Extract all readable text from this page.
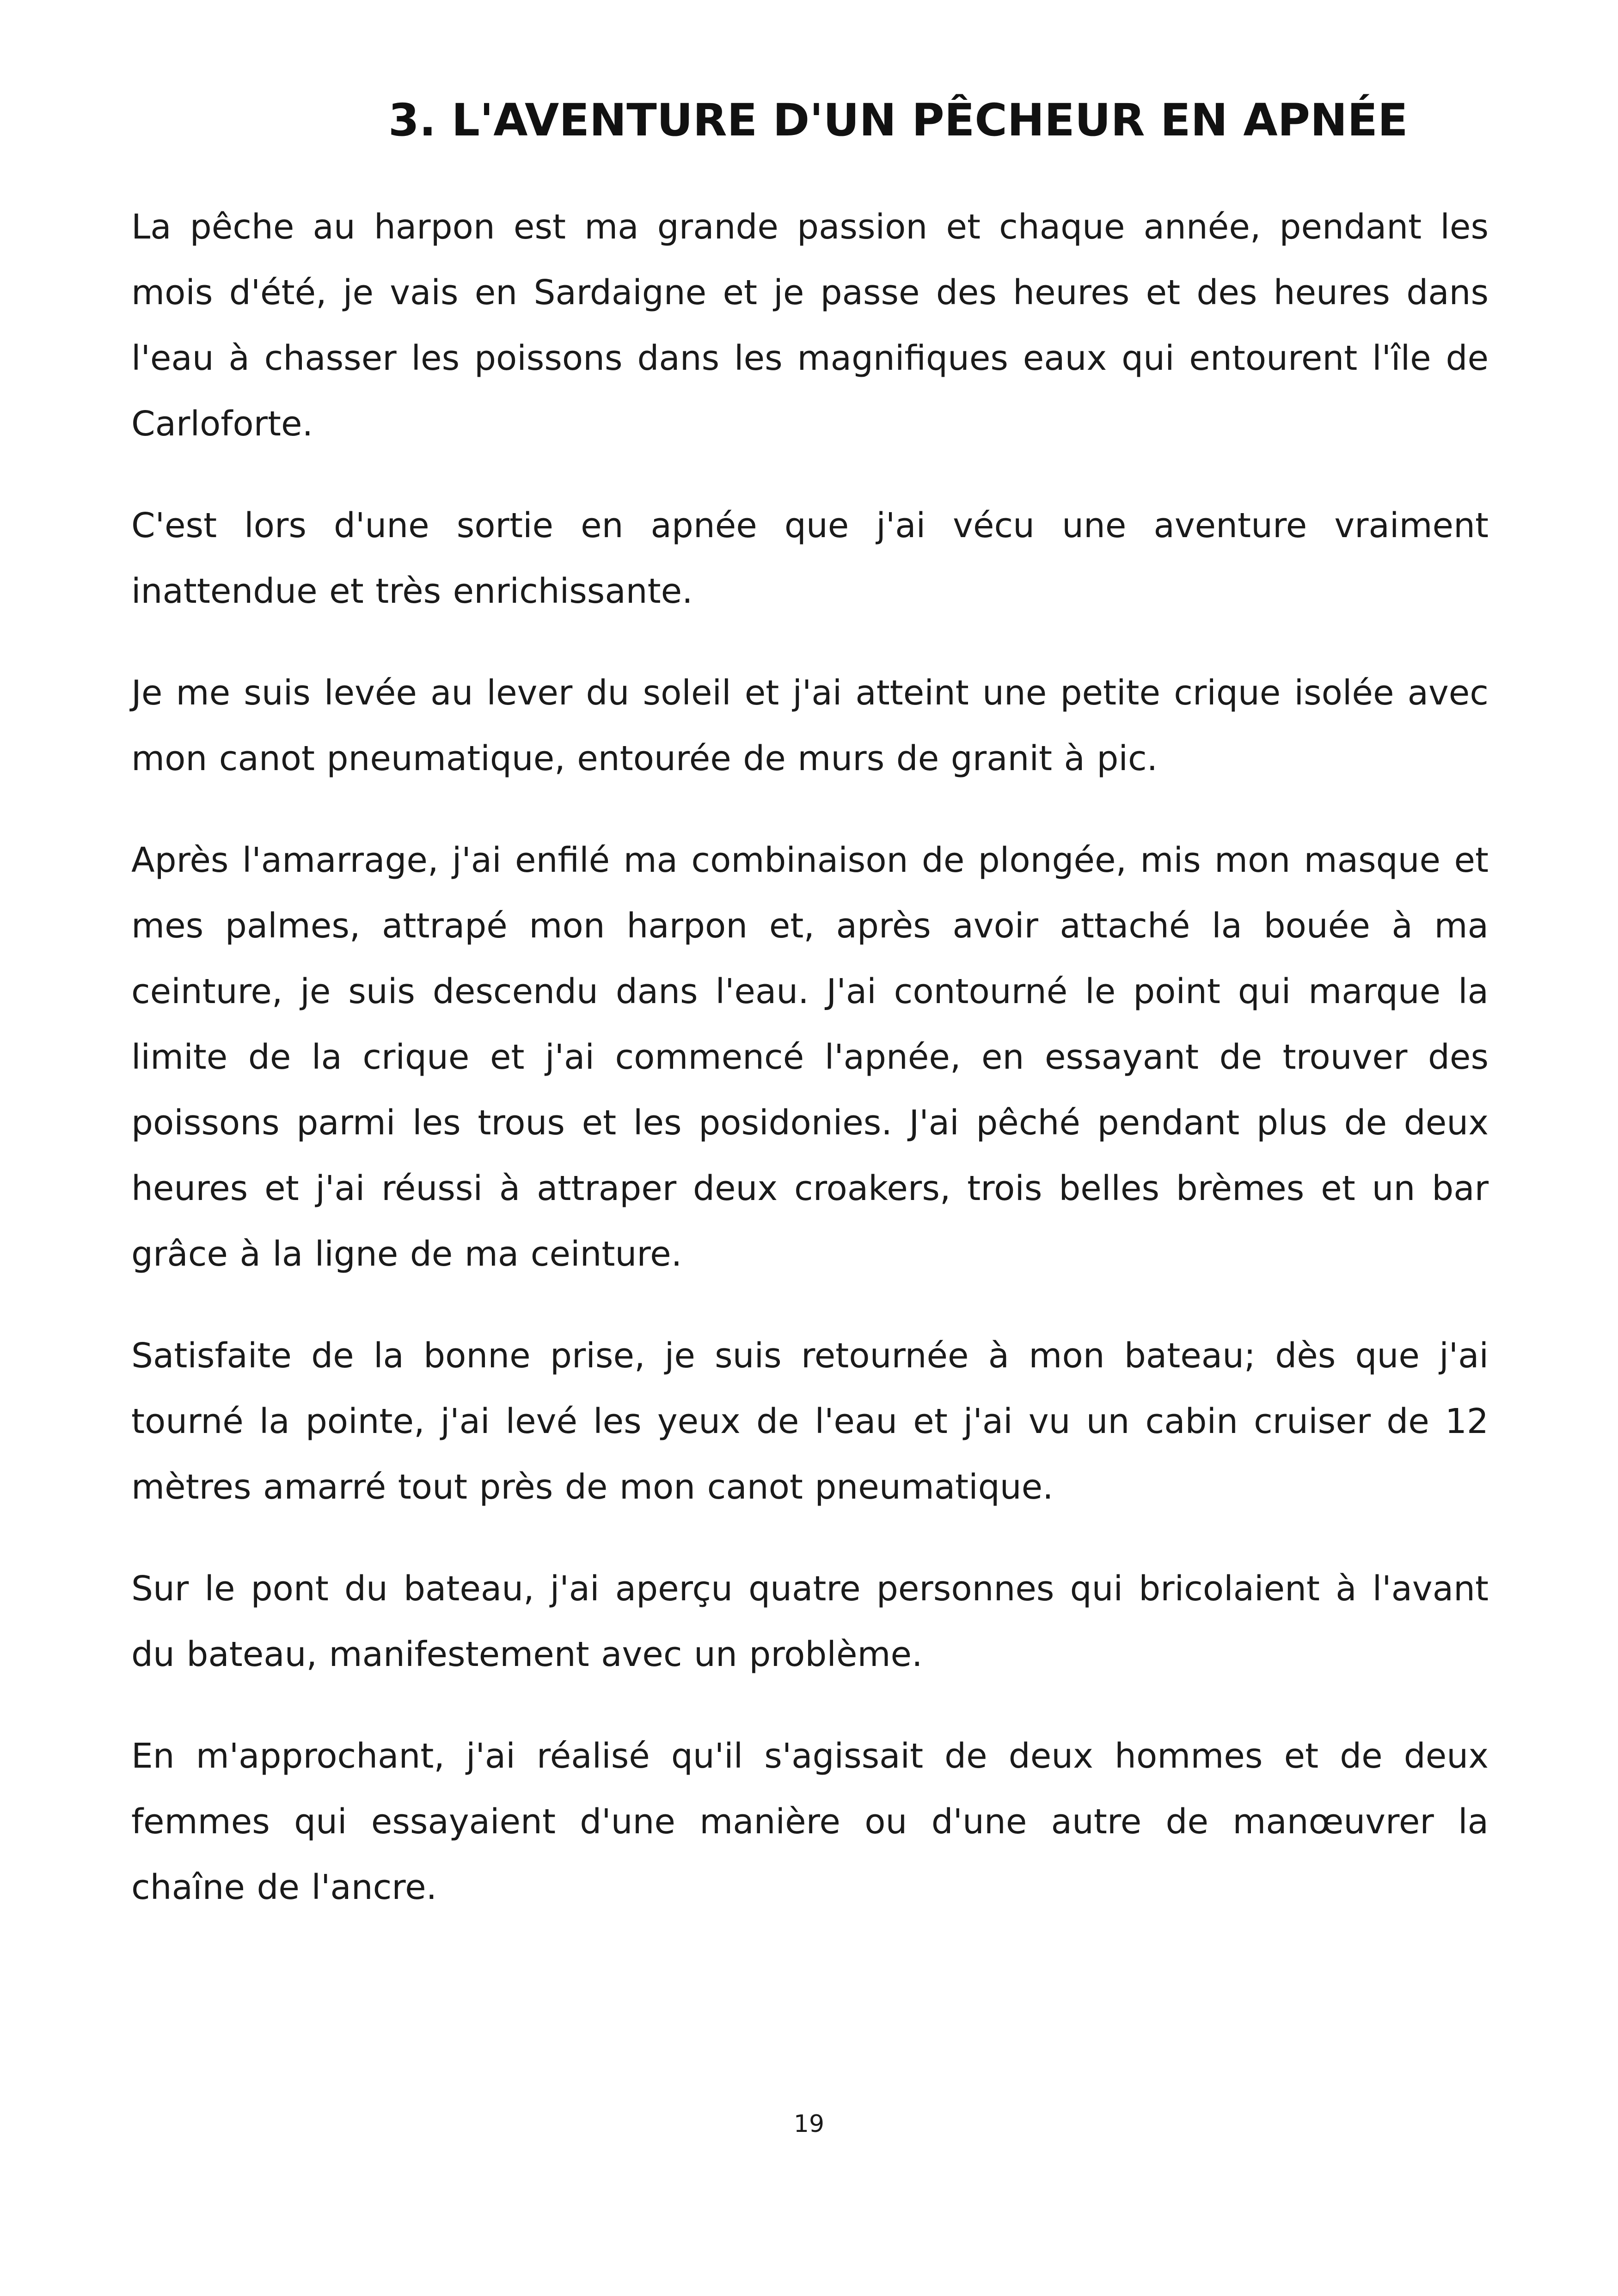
3. L'AVENTURE D'UN PÊCHEUR EN APNÉE

La pêche au harpon est ma grande passion et chaque année, pendant les mois d'été, je vais en Sardaigne et je passe des heures et des heures dans l'eau à chasser les poissons dans les magnifiques eaux qui entourent l'île de Carloforte.

C'est lors d'une sortie en apnée que j'ai vécu une aventure vraiment inattendue et très enrichissante.

Je me suis levée au lever du soleil et j'ai atteint une petite crique isolée avec mon canot pneumatique, entourée de murs de granit à pic.

Après l'amarrage, j'ai enfilé ma combinaison de plongée, mis mon masque et mes palmes, attrapé mon harpon et, après avoir attaché la bouée à ma ceinture, je suis descendu dans l'eau. J'ai contourné le point qui marque la limite de la crique et j'ai commencé l'apnée, en essayant de trouver des poissons parmi les trous et les posidonies. J'ai pêché pendant plus de deux heures et j'ai réussi à attraper deux croakers, trois belles brèmes et un bar grâce à la ligne de ma ceinture.

Satisfaite de la bonne prise, je suis retournée à mon bateau; dès que j'ai tourné la pointe, j'ai levé les yeux de l'eau et j'ai vu un cabin cruiser de 12 mètres amarré tout près de mon canot pneumatique.

Sur le pont du bateau, j'ai aperçu quatre personnes qui bricolaient à l'avant du bateau, manifestement avec un problème.

En m'approchant, j'ai réalisé qu'il s'agissait de deux hommes et de deux femmes qui essayaient d'une manière ou d'une autre de manœuvrer la chaîne de l'ancre.

19
